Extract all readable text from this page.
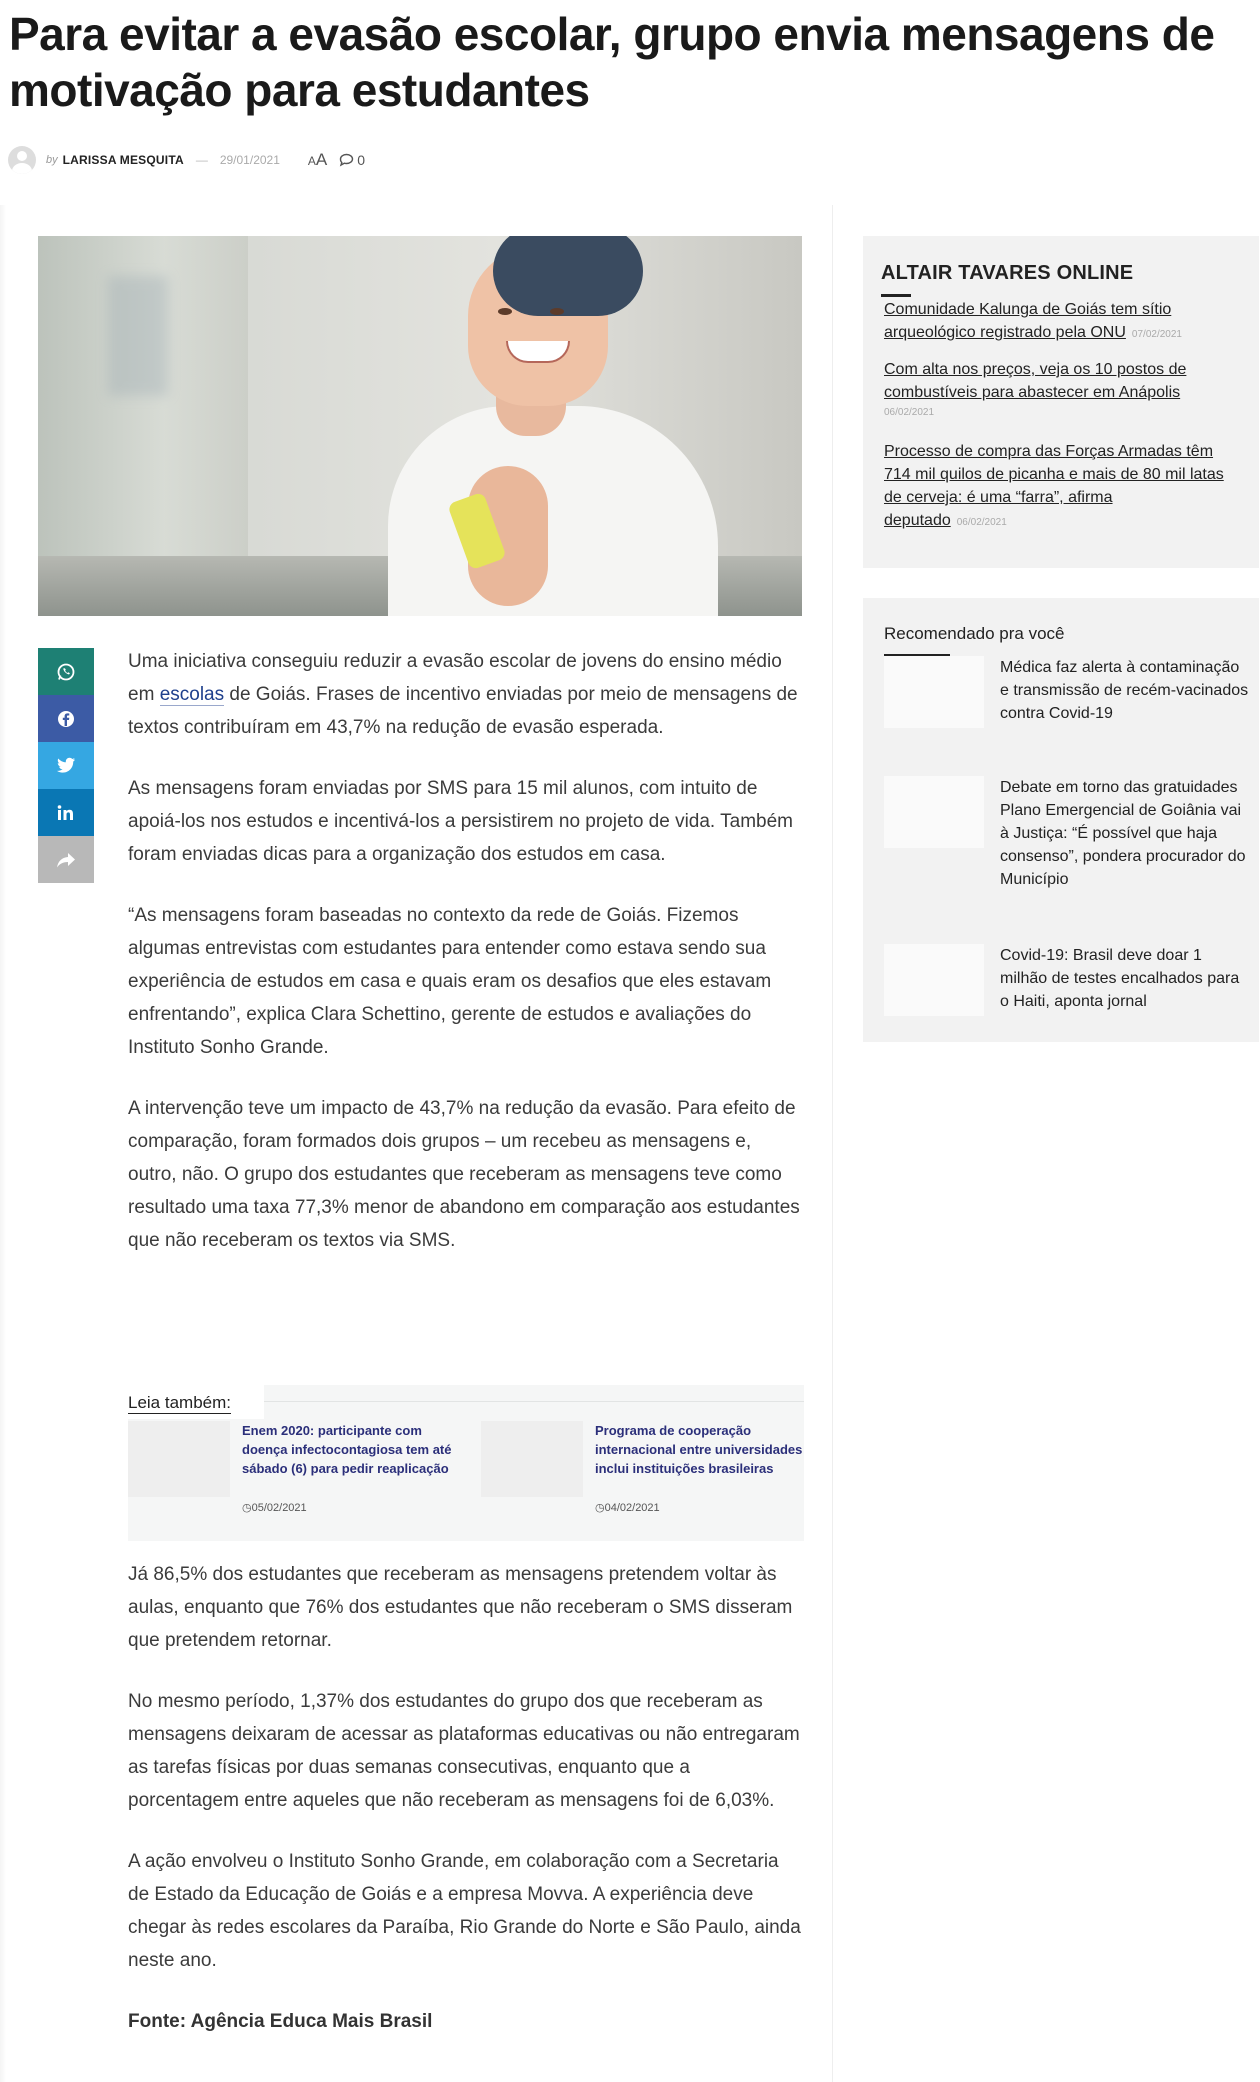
Para evitar a evasão escolar, grupo envia mensagens de motivação para estudantes
by LARISSA MESQUITA — 29/01/2021 AA 0

Uma iniciativa conseguiu reduzir a evasão escolar de jovens do ensino médio em escolas de Goiás. Frases de incentivo enviadas por meio de mensagens de textos contribuíram em 43,7% na redução de evasão esperada.

As mensagens foram enviadas por SMS para 15 mil alunos, com intuito de apoiá-los nos estudos e incentivá-los a persistirem no projeto de vida. Também foram enviadas dicas para a organização dos estudos em casa.

“As mensagens foram baseadas no contexto da rede de Goiás. Fizemos algumas entrevistas com estudantes para entender como estava sendo sua experiência de estudos em casa e quais eram os desafios que eles estavam enfrentando”, explica Clara Schettino, gerente de estudos e avaliações do Instituto Sonho Grande.

A intervenção teve um impacto de 43,7% na redução da evasão. Para efeito de comparação, foram formados dois grupos – um recebeu as mensagens e, outro, não. O grupo dos estudantes que receberam as mensagens teve como resultado uma taxa 77,3% menor de abandono em comparação aos estudantes que não receberam os textos via SMS.

Leia também:
Enem 2020: participante com doença infectocontagiosa tem até sábado (6) para pedir reaplicação
◷05/02/2021
Programa de cooperação internacional entre universidades inclui instituições brasileiras
◷04/02/2021

Já 86,5% dos estudantes que receberam as mensagens pretendem voltar às aulas, enquanto que 76% dos estudantes que não receberam o SMS disseram que pretendem retornar.

No mesmo período, 1,37% dos estudantes do grupo dos que receberam as mensagens deixaram de acessar as plataformas educativas ou não entregaram as tarefas físicas por duas semanas consecutivas, enquanto que a porcentagem entre aqueles que não receberam as mensagens foi de 6,03%.

A ação envolveu o Instituto Sonho Grande, em colaboração com a Secretaria de Estado da Educação de Goiás e a empresa Movva. A experiência deve chegar às redes escolares da Paraíba, Rio Grande do Norte e São Paulo, ainda neste ano.

Fonte: Agência Educa Mais Brasil

ALTAIR TAVARES ONLINE
Comunidade Kalunga de Goiás tem sítio arqueológico registrado pela ONU 07/02/2021
Com alta nos preços, veja os 10 postos de combustíveis para abastecer em Anápolis
06/02/2021
Processo de compra das Forças Armadas têm 714 mil quilos de picanha e mais de 80 mil latas de cerveja: é uma “farra”, afirma deputado 06/02/2021
Recomendado pra você
Médica faz alerta à contaminação e transmissão de recém-vacinados contra Covid-19
Debate em torno das gratuidades Plano Emergencial de Goiânia vai à Justiça: “É possível que haja consenso”, pondera procurador do Município
Covid-19: Brasil deve doar 1 milhão de testes encalhados para o Haiti, aponta jornal
